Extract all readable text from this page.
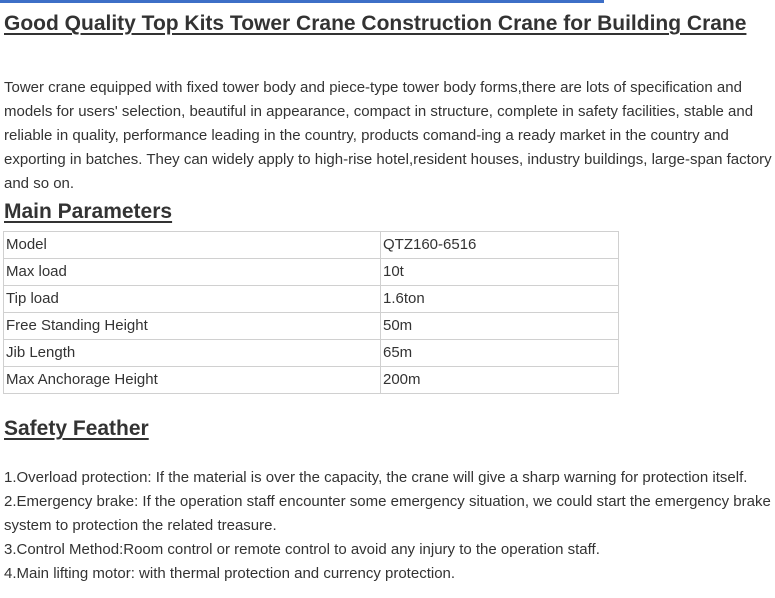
Good Quality Top Kits Tower Crane Construction Crane for Building Crane

Tower crane equipped with fixed tower body and piece-type tower body forms,there are lots of specification and models for users' selection, beautiful in appearance, compact in structure, complete in safety facilities, stable and reliable in quality, performance leading in the country, products comand-ing a ready market in the country and exporting in batches. They can widely apply to high-rise hotel,resident houses, industry buildings, large-span factory and so on.

Main Parameters
Model	QTZ160-6516
Max load	10t
Tip load	1.6ton
Free Standing Height	50m
Jib Length	65m
Max Anchorage Height	200m
Safety Feather
1.Overload protection: If the material is over the capacity, the crane will give a sharp warning for protection itself.
2.Emergency brake: If the operation staff encounter some emergency situation, we could start the emergency brake system to protection the related treasure.
3.Control Method:Room control or remote control to avoid any injury to the operation staff.
4.Main lifting motor: with thermal protection and currency protection.
